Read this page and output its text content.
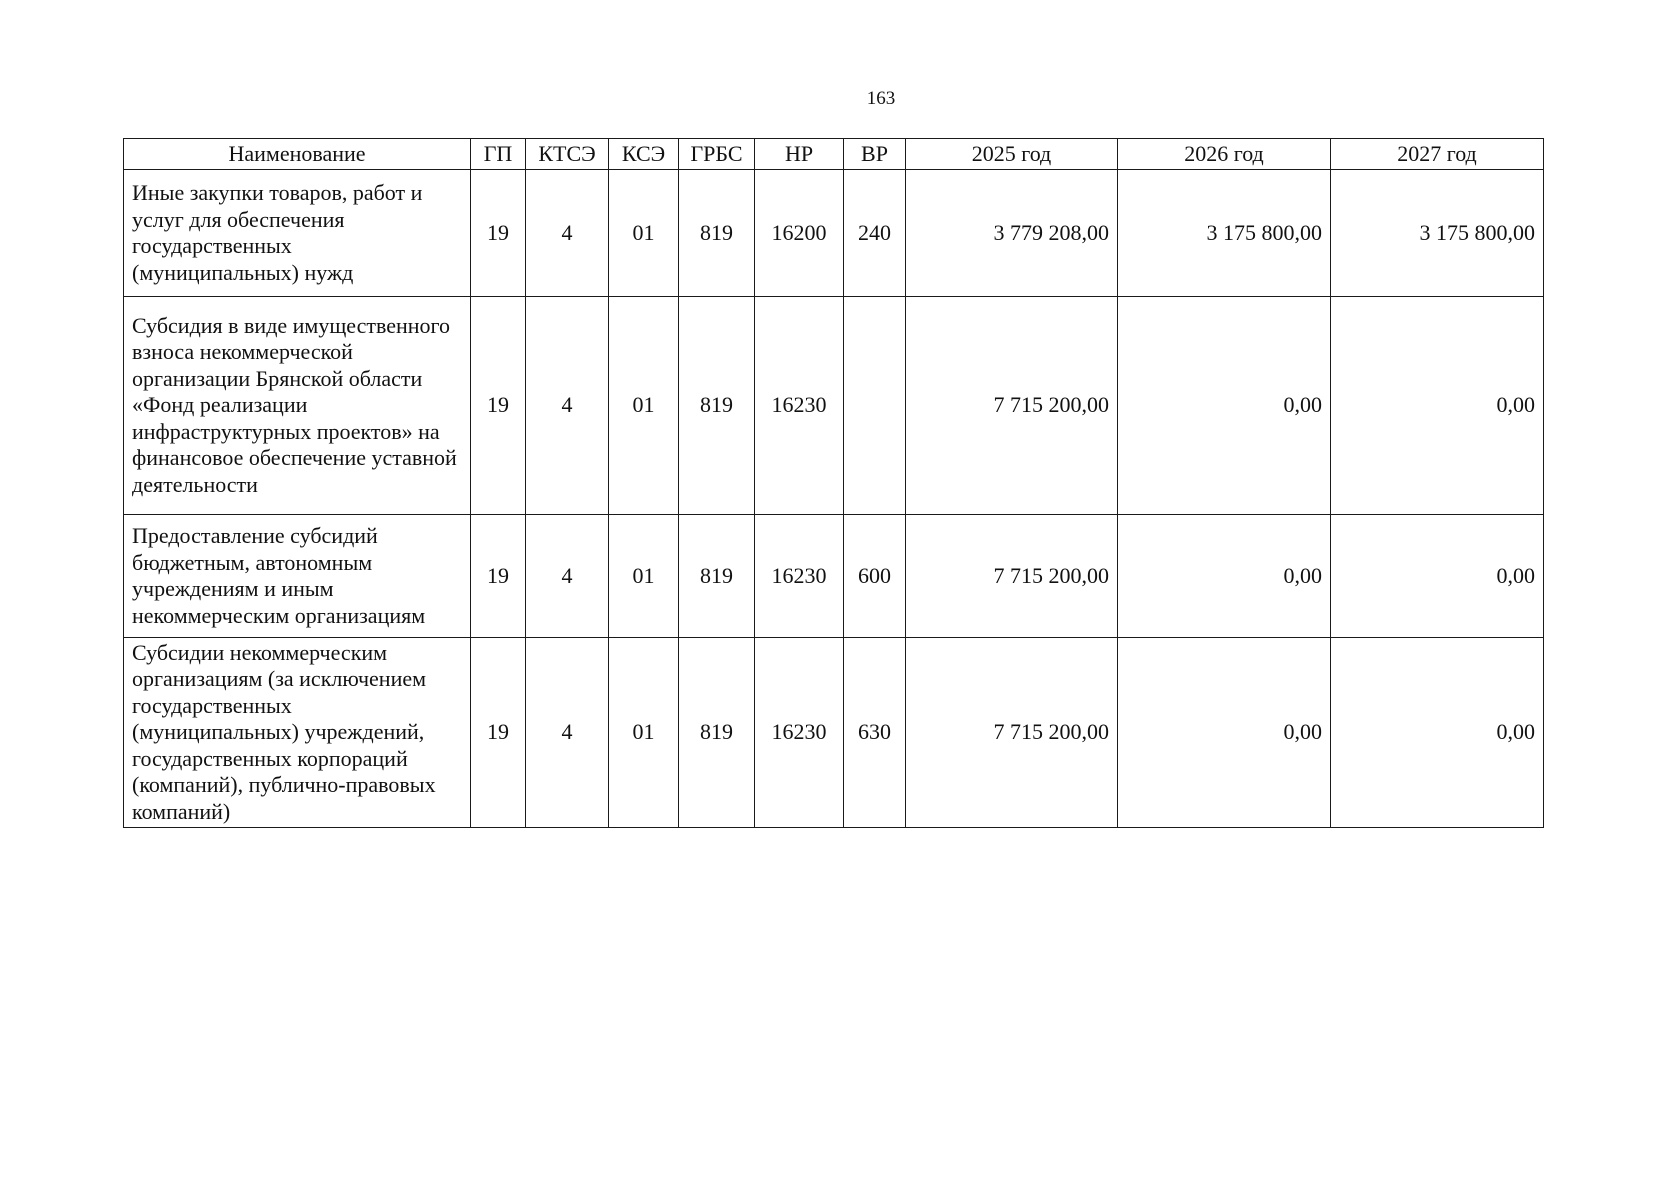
163
Наименование	ГП	КТСЭ	КСЭ	ГРБС	НР	ВР	2025 год	2026 год	2027 год
Иные закупки товаров, работ и услуг для обеспечения государственных (муниципальных) нужд	19	4	01	819	16200	240	3 779 208,00	3 175 800,00	3 175 800,00
Субсидия в виде имущественного взноса некоммерческой организации Брянской области «Фонд реализации инфраструктурных проектов» на финансовое обеспечение уставной деятельности	19	4	01	819	16230		7 715 200,00	0,00	0,00
Предоставление субсидий бюджетным, автономным учреждениям и иным некоммерческим организациям	19	4	01	819	16230	600	7 715 200,00	0,00	0,00
Субсидии некоммерческим организациям (за исключением государственных (муниципальных) учреждений, государственных корпораций (компаний), публично-правовых компаний)	19	4	01	819	16230	630	7 715 200,00	0,00	0,00
